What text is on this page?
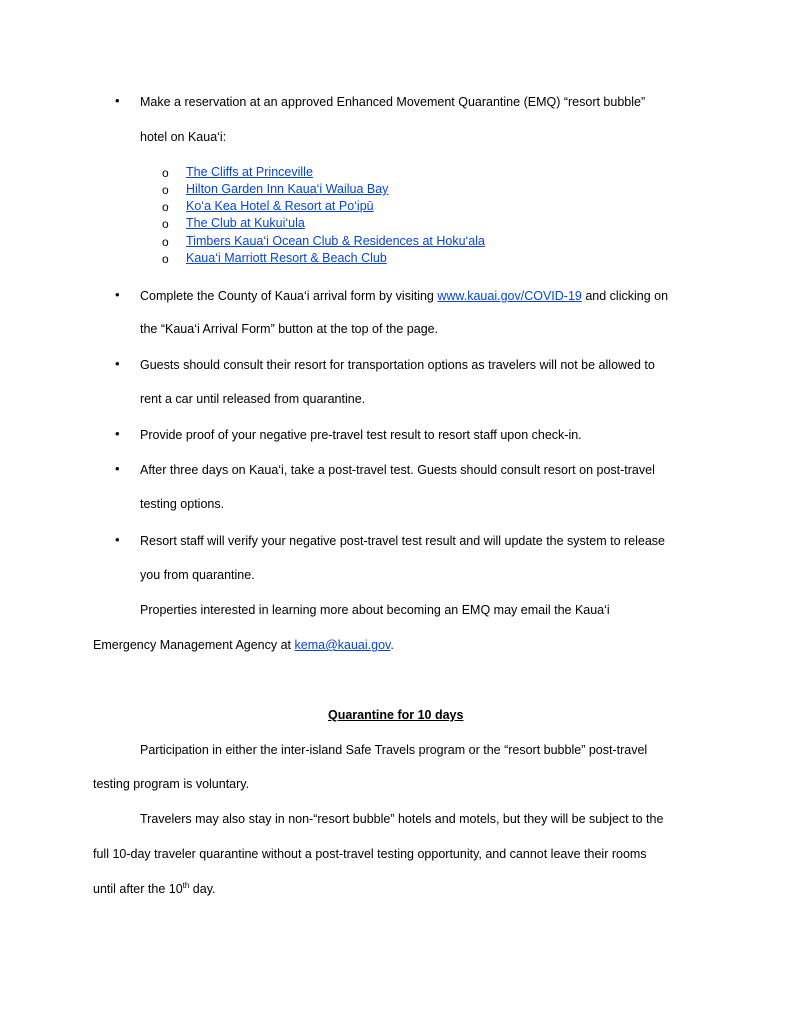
• Make a reservation at an approved Enhanced Movement Quarantine (EMQ) “resort bubble”
hotel on Kaua‘i:
o The Cliffs at Princeville
o Hilton Garden Inn Kaua‘i Wailua Bay
o Ko‘a Kea Hotel & Resort at Po‘ipū
o The Club at Kukui‘ula
o Timbers Kaua‘i Ocean Club & Residences at Hoku‘ala
o Kaua‘i Marriott Resort & Beach Club
• Complete the County of Kaua‘i arrival form by visiting www.kauai.gov/COVID-19 and clicking on
the “Kaua‘i Arrival Form” button at the top of the page.
• Guests should consult their resort for transportation options as travelers will not be allowed to
rent a car until released from quarantine.
• Provide proof of your negative pre-travel test result to resort staff upon check-in.
• After three days on Kaua‘i, take a post-travel test. Guests should consult resort on post-travel
testing options.
• Resort staff will verify your negative post-travel test result and will update the system to release
you from quarantine.
Properties interested in learning more about becoming an EMQ may email the Kaua‘i
Emergency Management Agency at kema@kauai.gov.
Quarantine for 10 days
Participation in either the inter-island Safe Travels program or the “resort bubble” post-travel
testing program is voluntary.
Travelers may also stay in non-“resort bubble” hotels and motels, but they will be subject to the
full 10-day traveler quarantine without a post-travel testing opportunity, and cannot leave their rooms
until after the 10th day.
